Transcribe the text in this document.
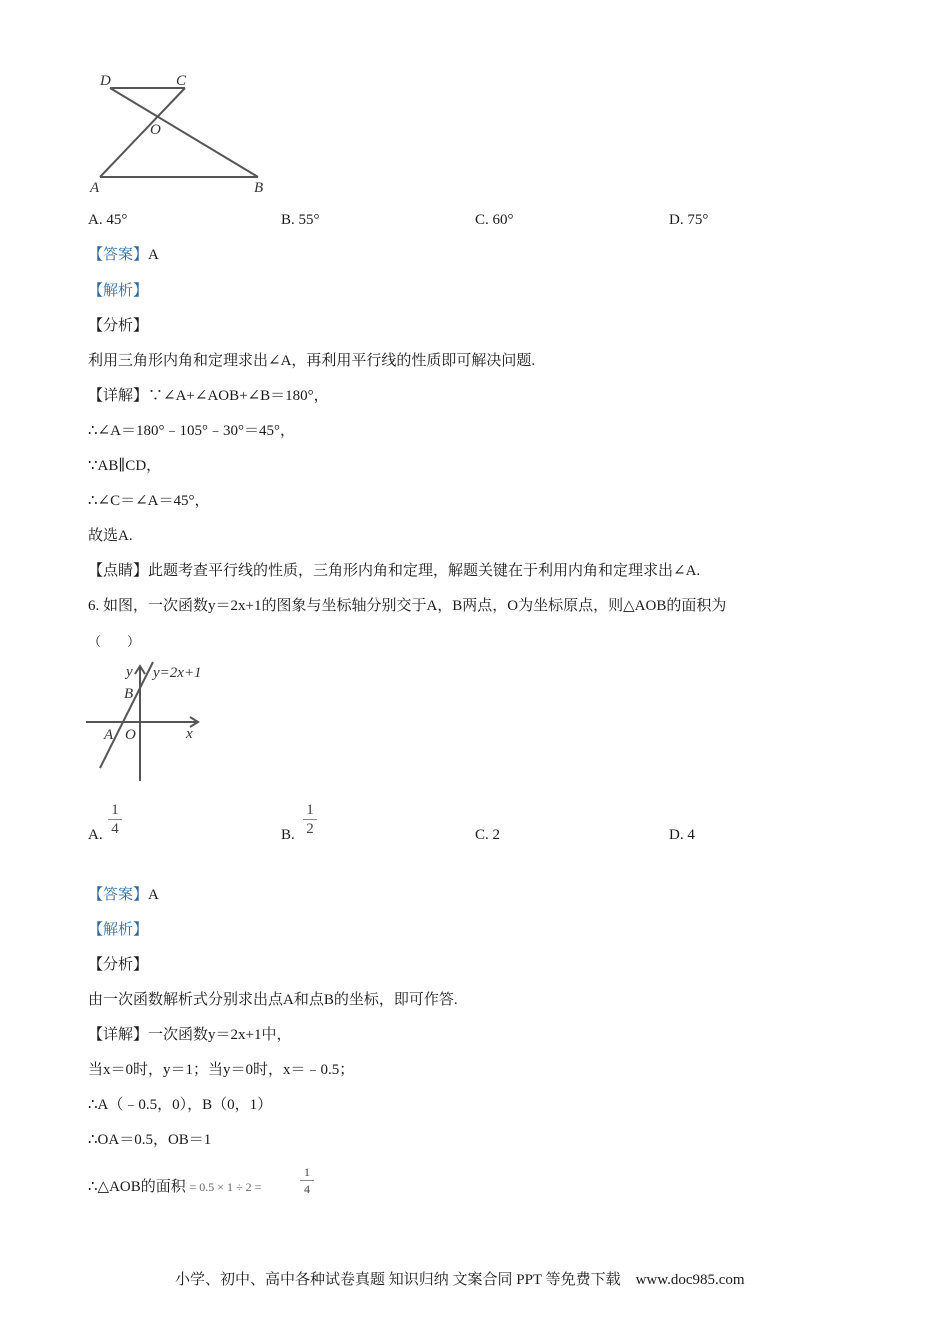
D	C
O
A	B
A. 45°	B. 55°	C. 60°	D. 75°
【答案】A
【解析】
【分析】
利用三角形内角和定理求出∠A，再利用平行线的性质即可解决问题.
【详解】∵∠A+∠AOB+∠B＝180°，
∴∠A＝180°﹣105°﹣30°＝45°，
∵AB∥CD，
∴∠C＝∠A＝45°，
故选A.
【点睛】此题考查平行线的性质，三角形内角和定理，解题关键在于利用内角和定理求出∠A.
6. 如图，一次函数y＝2x+1的图象与坐标轴分别交于A，B两点，O为坐标原点，则△AOB的面积为
（　　）
y=2x+1
y
B
A O	x
A.
1
4	B.
1
2	C. 2	D. 4
【答案】A
【解析】
【分析】
由一次函数解析式分别求出点A和点B的坐标，即可作答.
【详解】一次函数y＝2x+1中，
当x＝0时，y＝1；当y＝0时，x＝﹣0.5；
∴A（﹣0.5，0），B（0，1）
∴OA＝0.5，OB＝1
∴△AOB的面积 = 0.5 × 1 ÷ 2 =
1
4
小学、初中、高中各种试卷真题 知识归纳 文案合同 PPT 等免费下载　www.doc985.com
